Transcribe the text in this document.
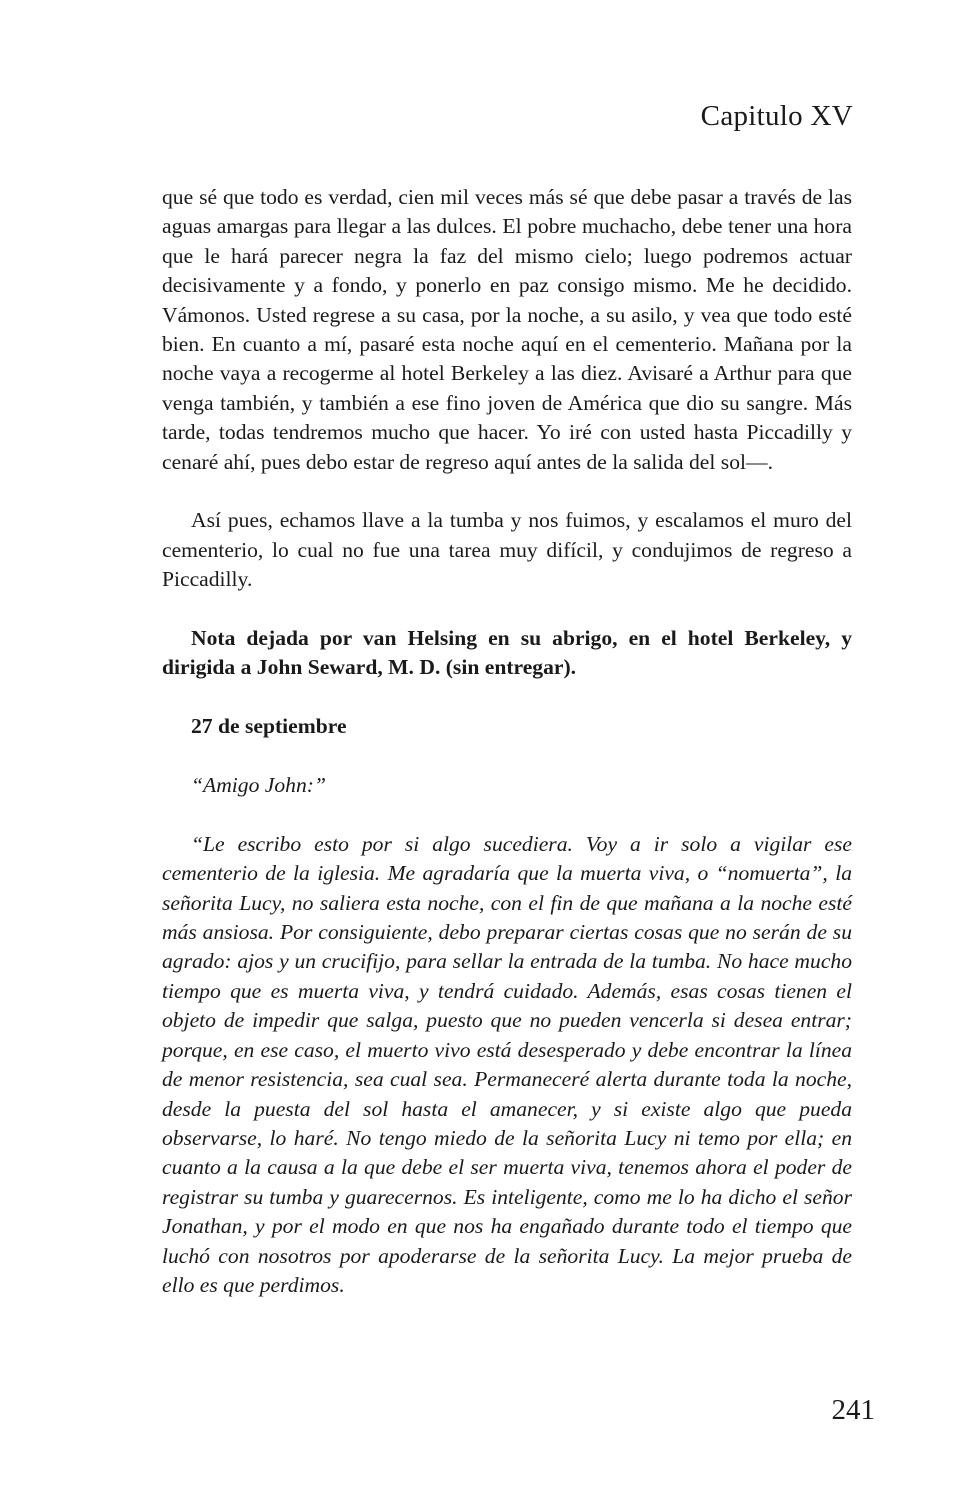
Capitulo XV

que sé que todo es verdad, cien mil veces más sé que debe pasar a través de las aguas amargas para llegar a las dulces. El pobre muchacho, debe tener una hora que le hará parecer negra la faz del mismo cielo; luego podremos actuar decisivamente y a fondo, y ponerlo en paz consigo mismo. Me he decidido. Vámonos. Usted regrese a su casa, por la noche, a su asilo, y vea que todo esté bien. En cuanto a mí, pasaré esta noche aquí en el cementerio. Mañana por la noche vaya a recogerme al hotel Berkeley a las diez. Avisaré a Arthur para que venga también, y también a ese fino joven de América que dio su sangre. Más tarde, todas tendremos mucho que hacer. Yo iré con usted hasta Piccadilly y cenaré ahí, pues debo estar de regreso aquí antes de la salida del sol—.

Así pues, echamos llave a la tumba y nos fuimos, y escalamos el muro del cementerio, lo cual no fue una tarea muy difícil, y condujimos de regreso a Piccadilly.

Nota dejada por van Helsing en su abrigo, en el hotel Berkeley, y dirigida a John Seward, M. D. (sin entregar).

27 de septiembre

“Amigo John:”

“Le escribo esto por si algo sucediera. Voy a ir solo a vigilar ese cementerio de la iglesia. Me agradaría que la muerta viva, o “nomuerta”, la señorita Lucy, no saliera esta noche, con el fin de que mañana a la noche esté más ansiosa. Por consiguiente, debo preparar ciertas cosas que no serán de su agrado: ajos y un crucifijo, para sellar la entrada de la tumba. No hace mucho tiempo que es muerta viva, y tendrá cuidado. Además, esas cosas tienen el objeto de impedir que salga, puesto que no pueden vencerla si desea entrar; porque, en ese caso, el muerto vivo está desesperado y debe encontrar la línea de menor resistencia, sea cual sea. Permaneceré alerta durante toda la noche, desde la puesta del sol hasta el amanecer, y si existe algo que pueda observarse, lo haré. No tengo miedo de la señorita Lucy ni temo por ella; en cuanto a la causa a la que debe el ser muerta viva, tenemos ahora el poder de registrar su tumba y guarecernos. Es inteligente, como me lo ha dicho el señor Jonathan, y por el modo en que nos ha engañado durante todo el tiempo que luchó con nosotros por apoderarse de la señorita Lucy. La mejor prueba de ello es que perdimos.

241
